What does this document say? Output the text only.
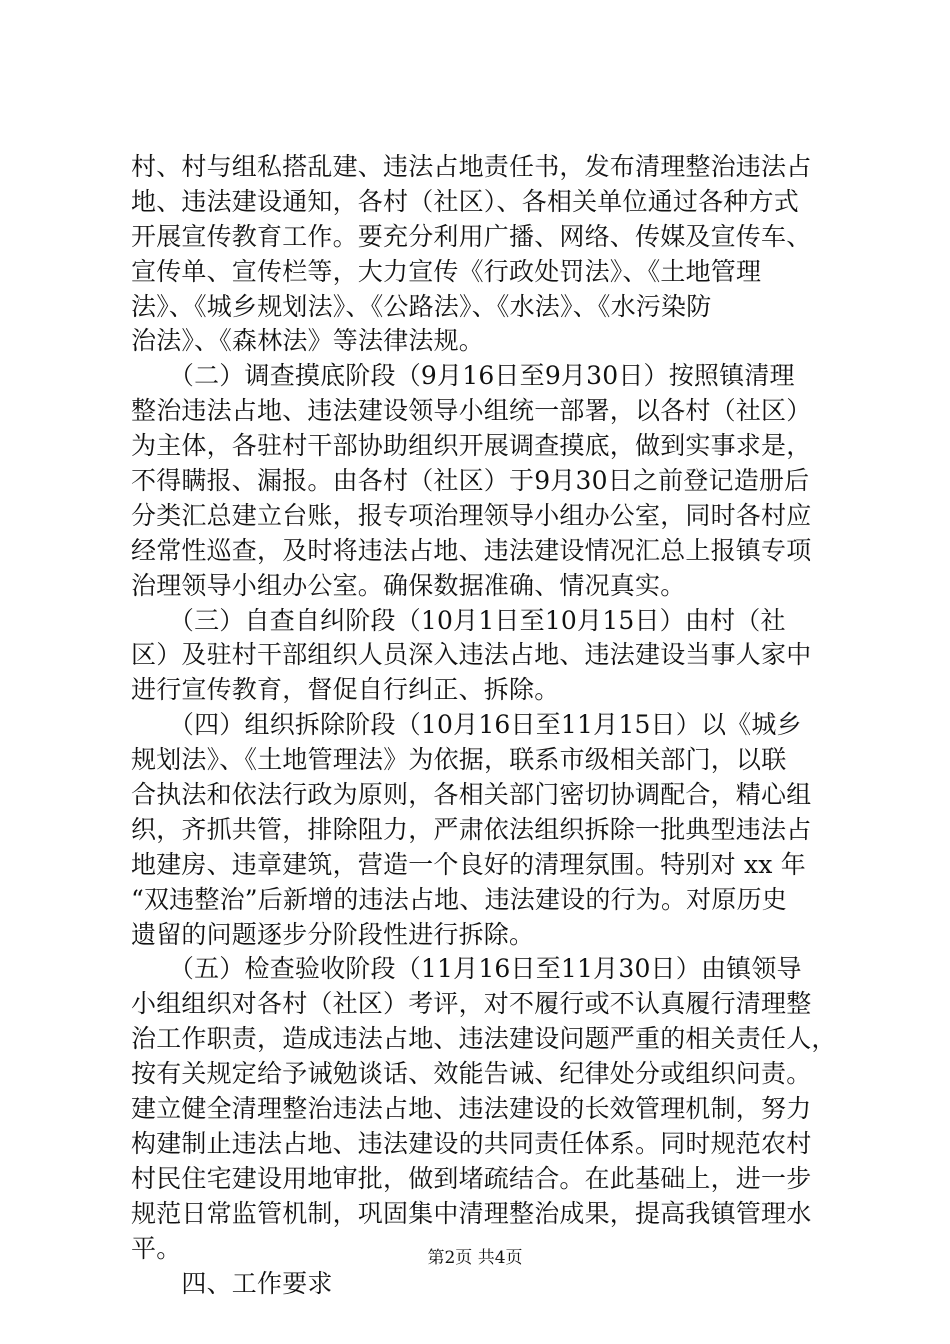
村、村与组私搭乱建、违法占地责任书，发布清理整治违法占
地、违法建设通知，各村（社区）、各相关单位通过各种方式
开展宣传教育工作。要充分利用广播、网络、传媒及宣传车、
宣传单、宣传栏等，大力宣传《行政处罚法》、《土地管理
法》、《城乡规划法》、《公路法》、《水法》、《水污染防
治法》、《森林法》等法律法规。
　　（二）调查摸底阶段（9月16日至9月30日）按照镇清理
整治违法占地、违法建设领导小组统一部署，以各村（社区）
为主体，各驻村干部协助组织开展调查摸底，做到实事求是，
不得瞒报、漏报。由各村（社区）于9月30日之前登记造册后
分类汇总建立台账，报专项治理领导小组办公室，同时各村应
经常性巡查，及时将违法占地、违法建设情况汇总上报镇专项
治理领导小组办公室。确保数据准确、情况真实。
　　（三）自查自纠阶段（10月1日至10月15日）由村（社
区）及驻村干部组织人员深入违法占地、违法建设当事人家中
进行宣传教育，督促自行纠正、拆除。
　　（四）组织拆除阶段（10月16日至11月15日）以《城乡
规划法》、《土地管理法》为依据，联系市级相关部门，以联
合执法和依法行政为原则，各相关部门密切协调配合，精心组
织，齐抓共管，排除阻力，严肃依法组织拆除一批典型违法占
地建房、违章建筑，营造一个良好的清理氛围。特别对 xx 年
“双违整治”后新增的违法占地、违法建设的行为。对原历史
遗留的问题逐步分阶段性进行拆除。
　　（五）检查验收阶段（11月16日至11月30日）由镇领导
小组组织对各村（社区）考评，对不履行或不认真履行清理整
治工作职责，造成违法占地、违法建设问题严重的相关责任人，
按有关规定给予诫勉谈话、效能告诫、纪律处分或组织问责。
建立健全清理整治违法占地、违法建设的长效管理机制，努力
构建制止违法占地、违法建设的共同责任体系。同时规范农村
村民住宅建设用地审批，做到堵疏结合。在此基础上，进一步
规范日常监管机制，巩固集中清理整治成果，提高我镇管理水
平。
　　四、工作要求
第2页 共4页
